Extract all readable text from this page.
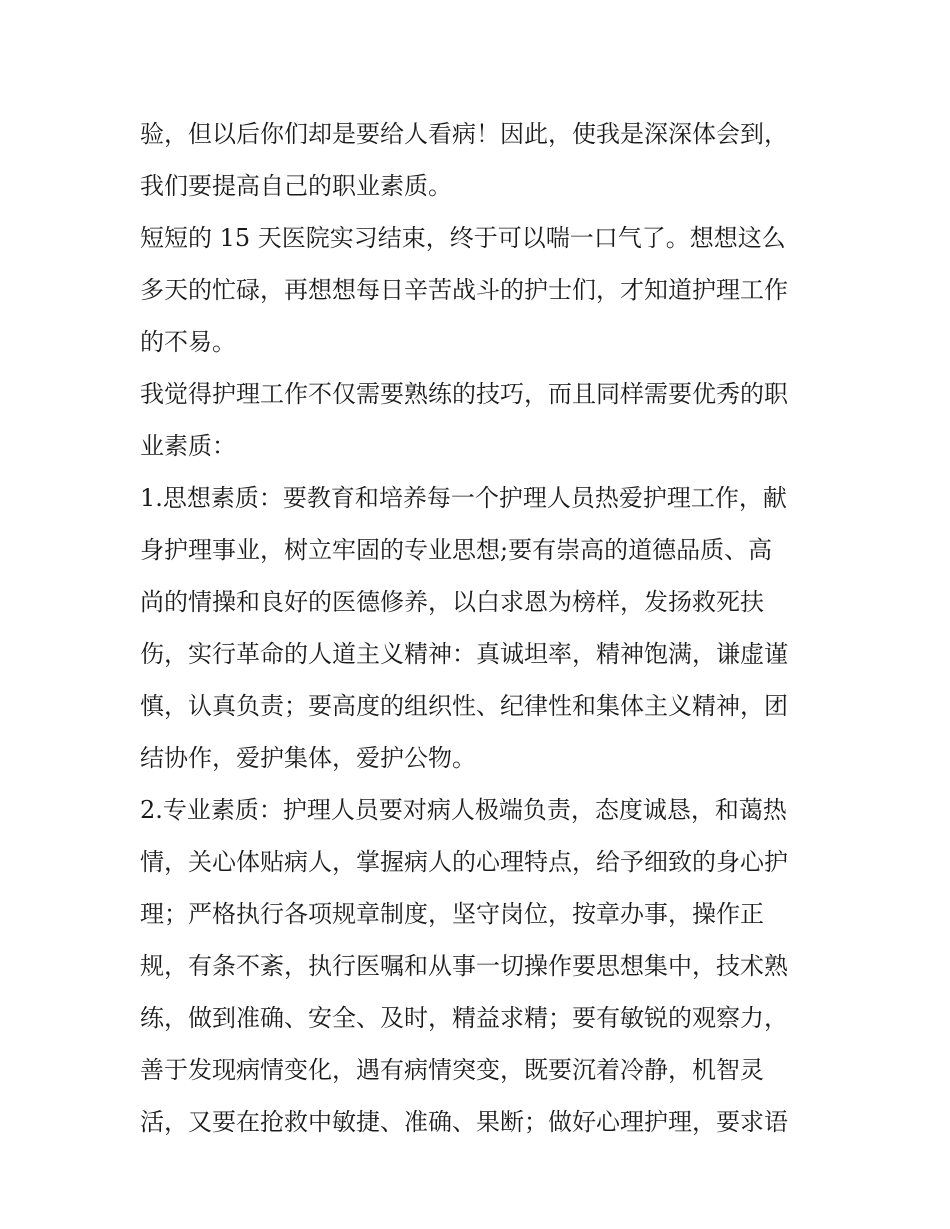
验，但以后你们却是要给人看病！因此，使我是深深体会到，
我们要提高自己的职业素质。
短短的 15 天医院实习结束，终于可以喘一口气了。想想这么
多天的忙碌，再想想每日辛苦战斗的护士们，才知道护理工作
的不易。
我觉得护理工作不仅需要熟练的技巧，而且同样需要优秀的职
业素质：
1.思想素质：要教育和培养每一个护理人员热爱护理工作，献
身护理事业，树立牢固的专业思想;要有崇高的道德品质、高
尚的情操和良好的医德修养，以白求恩为榜样，发扬救死扶
伤，实行革命的人道主义精神：真诚坦率，精神饱满，谦虚谨
慎，认真负责；要高度的组织性、纪律性和集体主义精神，团
结协作，爱护集体，爱护公物。
2.专业素质：护理人员要对病人极端负责，态度诚恳，和蔼热
情，关心体贴病人，掌握病人的心理特点，给予细致的身心护
理；严格执行各项规章制度，坚守岗位，按章办事，操作正
规，有条不紊，执行医嘱和从事一切操作要思想集中，技术熟
练，做到准确、安全、及时，精益求精；要有敏锐的观察力，
善于发现病情变化，遇有病情突变，既要沉着冷静，机智灵
活，又要在抢救中敏捷、准确、果断；做好心理护理，要求语
